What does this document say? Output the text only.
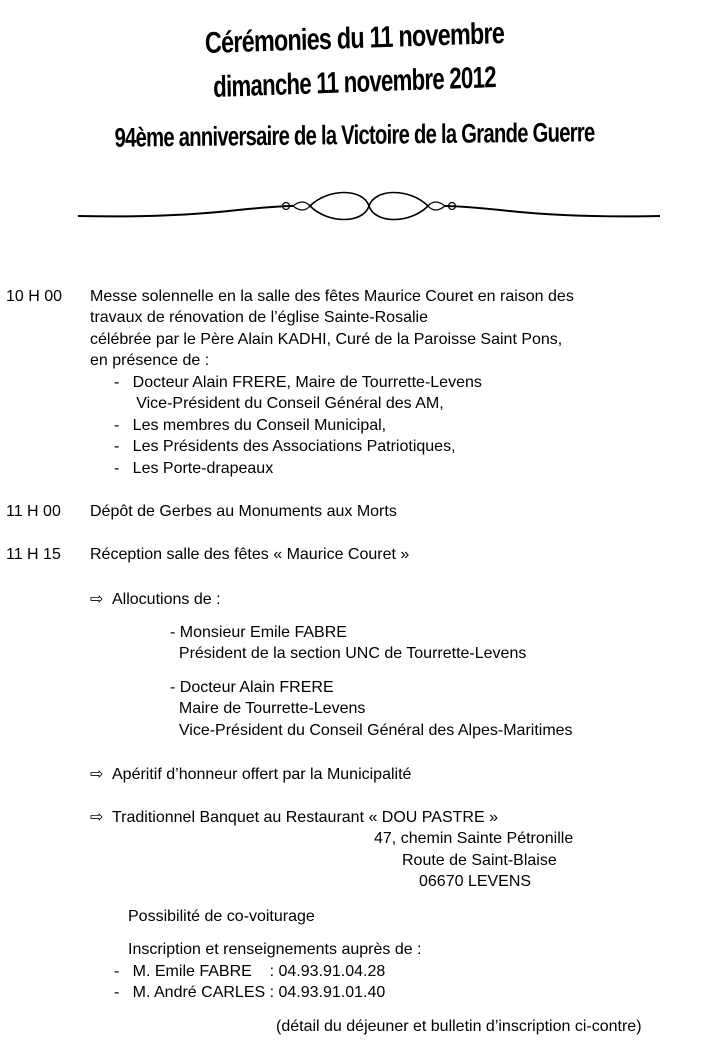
Cérémonies du 11 novembre
dimanche 11 novembre 2012
94ème anniversaire de la Victoire de la Grande Guerre
10 H 00 Messe solennelle en la salle des fêtes Maurice Couret en raison des
travaux de rénovation de l’église Sainte-Rosalie
célébrée par le Père Alain KADHI, Curé de la Paroisse Saint Pons,
en présence de :
-   Docteur Alain FRERE, Maire de Tourrette-Levens
Vice-Président du Conseil Général des AM,
-   Les membres du Conseil Municipal,
-   Les Présidents des Associations Patriotiques,
-   Les Porte-drapeaux
11 H 00 Dépôt de Gerbes au Monuments aux Morts
11 H 15 Réception salle des fêtes « Maurice Couret »
⇨ Allocutions de :
- Monsieur Emile FABRE
Président de la section UNC de Tourrette-Levens
- Docteur Alain FRERE
Maire de Tourrette-Levens
Vice-Président du Conseil Général des Alpes-Maritimes
⇨ Apéritif d’honneur offert par la Municipalité
⇨ Traditionnel Banquet au Restaurant « DOU PASTRE »
47, chemin Sainte Pétronille
Route de Saint-Blaise
06670 LEVENS
Possibilité de co-voiturage
Inscription et renseignements auprès de :
-   M. Emile FABRE    : 04.93.91.04.28
-   M. André CARLES : 04.93.91.01.40
(détail du déjeuner et bulletin d’inscription ci-contre)
